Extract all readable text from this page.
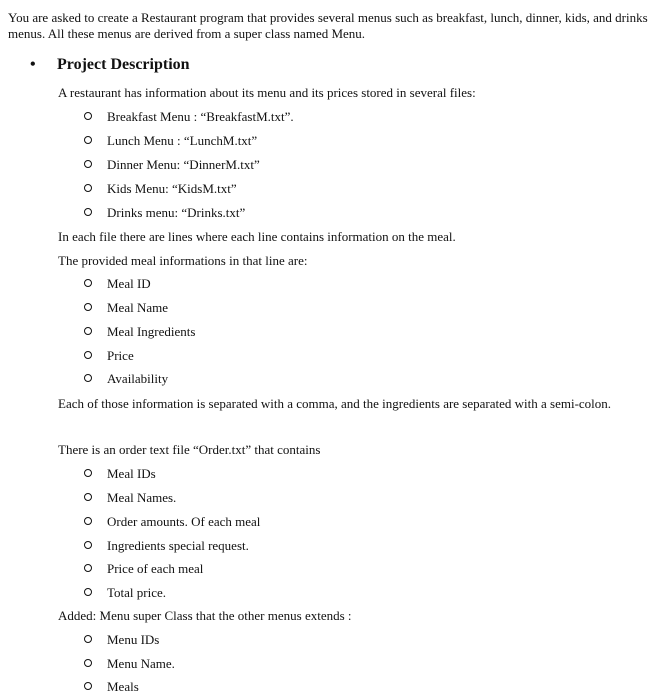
You are asked to create a Restaurant program that provides several menus such as breakfast, lunch, dinner, kids, and drinks menus. All these menus are derived from a super class named Menu.

• Project Description
A restaurant has information about its menu and its prices stored in several files:
Breakfast Menu : “BreakfastM.txt”.
Lunch Menu : “LunchM.txt”
Dinner Menu: “DinnerM.txt”
Kids Menu: “KidsM.txt”
Drinks menu: “Drinks.txt”
In each file there are lines where each line contains information on the meal.
The provided meal informations in that line are:
Meal ID
Meal Name
Meal Ingredients
Price
Availability
Each of those information is separated with a comma, and the ingredients are separated with a semi-colon.
There is an order text file “Order.txt” that contains
Meal IDs
Meal Names.
Order amounts. Of each meal
Ingredients special request.
Price of each meal
Total price.
Added: Menu super Class that the other menus extends :
Menu IDs
Menu Name.
Meals
